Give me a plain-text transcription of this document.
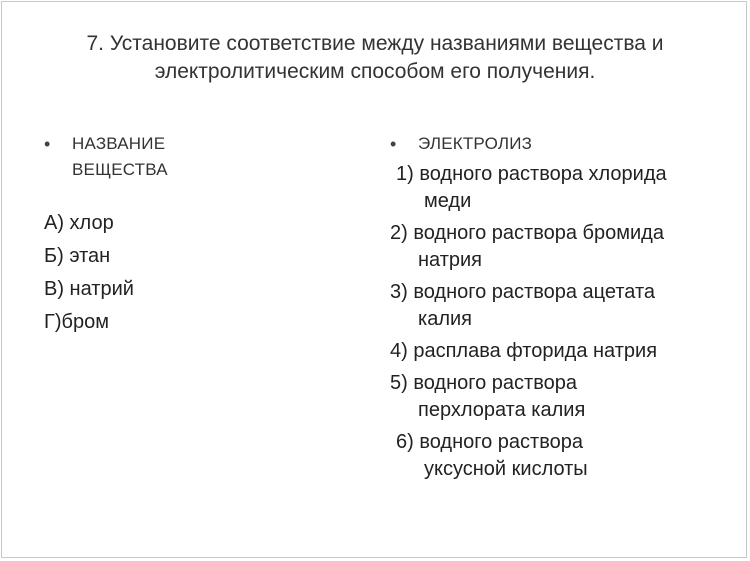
7. Установите соответствие между названиями вещества и
электролитическим способом его получения.
•	НАЗВАНИЕ
ВЕЩЕСТВА
А) хлор
Б) этан
В) натрий
Г)бром
•	ЭЛЕКТРОЛИЗ
1) водного раствора хлорида
меди
2) водного раствора бромида
натрия
3) водного раствора ацетата
калия
4) расплава фторида натрия
5) водного раствора
перхлората калия
6) водного раствора
уксусной кислоты
